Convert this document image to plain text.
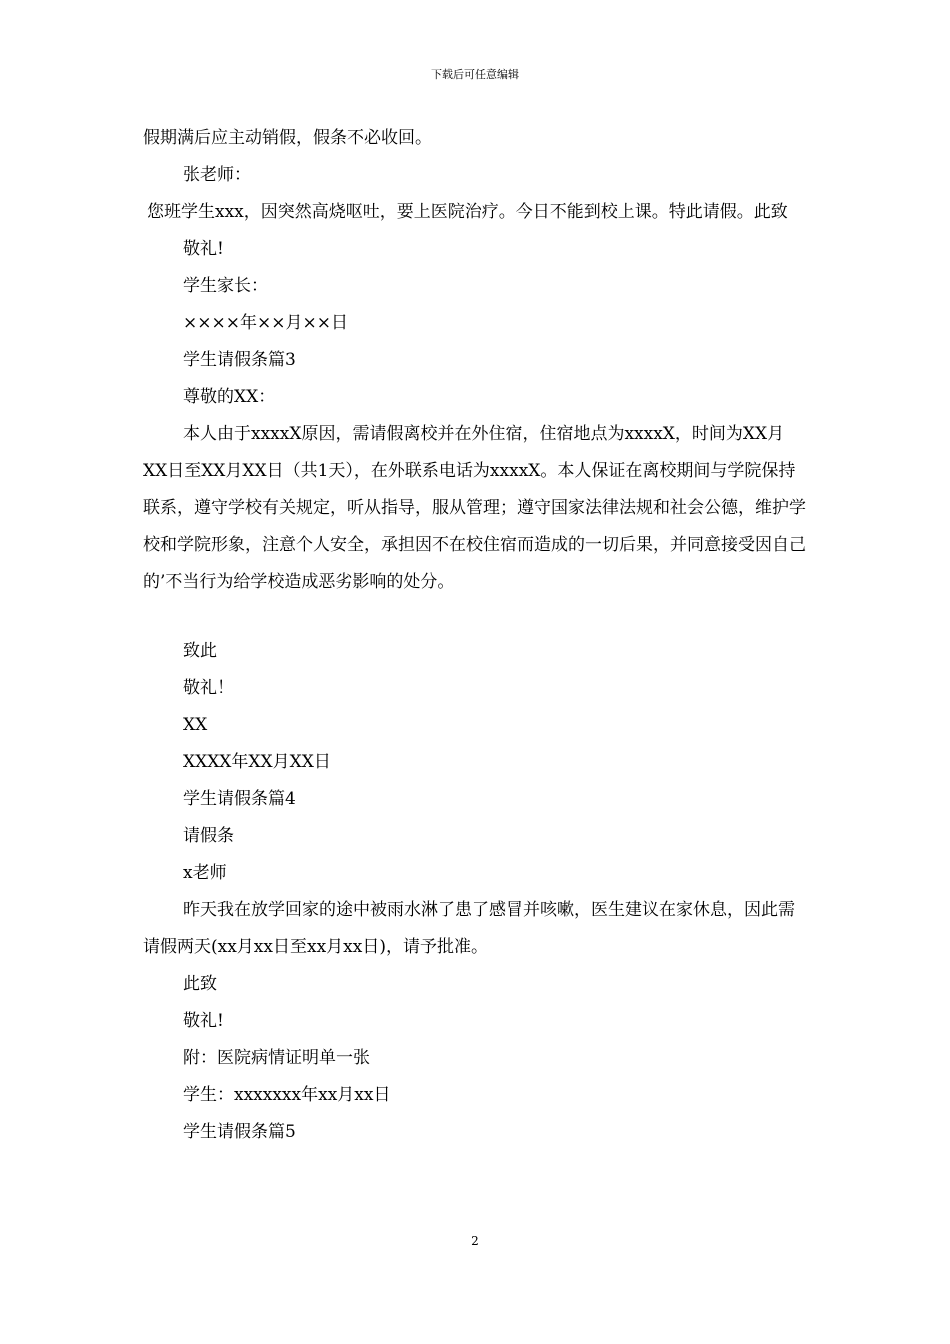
下载后可任意编辑

假期满后应主动销假，假条不必收回。

张老师：

您班学生xxx，因突然高烧呕吐，要上医院治疗。今日不能到校上课。特此请假。此致

敬礼!

学生家长：

××××年××月××日

学生请假条篇3

尊敬的XX：

本人由于xxxxX原因，需请假离校并在外住宿，住宿地点为xxxxX，时间为XX月XX日至XX月XX日（共1天），在外联系电话为xxxxX。本人保证在离校期间与学院保持联系，遵守学校有关规定，听从指导，服从管理；遵守国家法律法规和社会公德，维护学校和学院形象，注意个人安全，承担因不在校住宿而造成的一切后果，并同意接受因自己的’不当行为给学校造成恶劣影响的处分。

致此

敬礼！

XX

XXXX年XX月XX日

学生请假条篇4

请假条

x老师

昨天我在放学回家的途中被雨水淋了患了感冒并咳嗽，医生建议在家休息，因此需请假两天(xx月xx日至xx月xx日)，请予批准。

此致

敬礼!

附：医院病情证明单一张

学生：xxxxxxx年xx月xx日

学生请假条篇5

2
